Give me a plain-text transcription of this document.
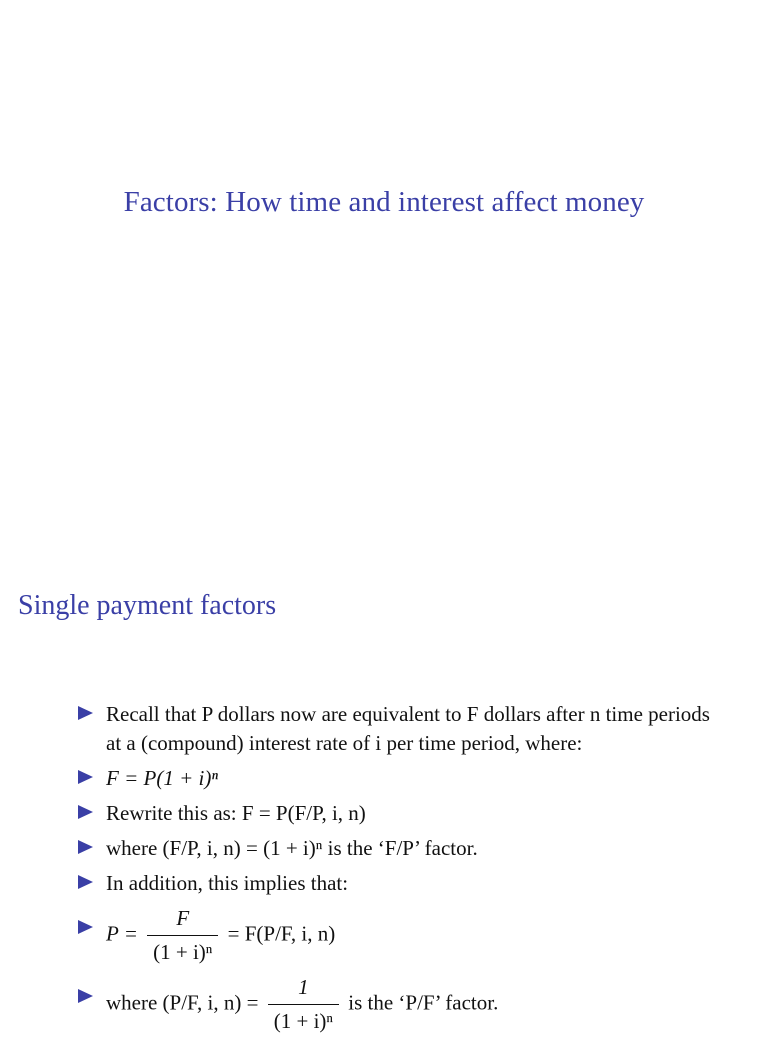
Factors: How time and interest affect money
Single payment factors
Recall that P dollars now are equivalent to F dollars after n time periods at a (compound) interest rate of i per time period, where:
F = P(1 + i)ⁿ
Rewrite this as: F = P(F/P, i, n)
where (F/P, i, n) = (1 + i)ⁿ is the ‘F/P’ factor.
In addition, this implies that:
$P = \frac{F}{\text{(1 + i)ⁿ}} = F(P/F$, i, n)
where (P/F, i, $n) = \frac{1}{\text{(1 + i)ⁿ}}$ is the ‘P/F’ factor.
